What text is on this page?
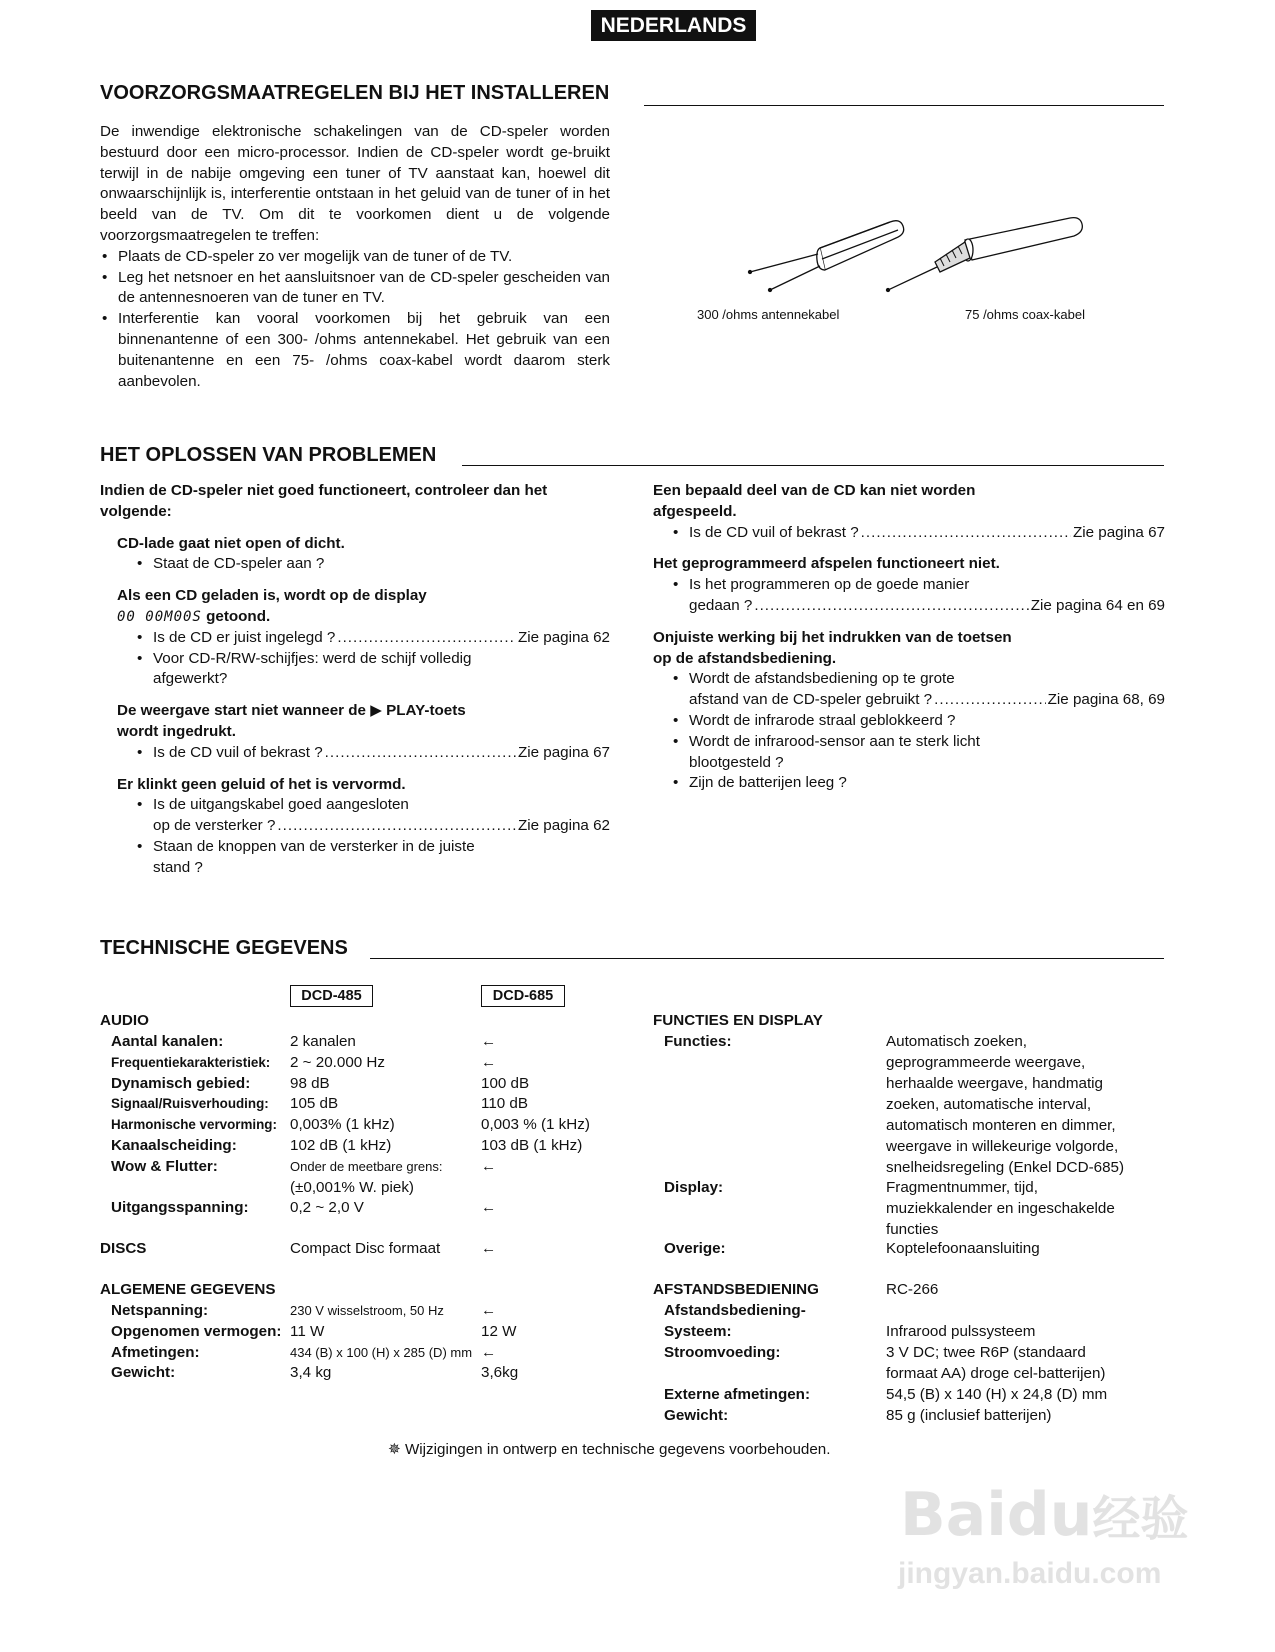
NEDERLANDS
VOORZORGSMAATREGELEN BIJ HET INSTALLEREN
De inwendige elektronische schakelingen van de CD-speler worden bestuurd door een micro-processor. Indien de CD-speler wordt ge-bruikt terwijl in de nabije omgeving een tuner of TV aanstaat kan, hoewel dit onwaarschijnlijk is, interferentie ontstaan in het geluid van de tuner of in het beeld van de TV. Om dit te voorkomen dient u de volgende voorzorgsmaatregelen te treffen:
• Plaats de CD-speler zo ver mogelijk van de tuner of de TV.
• Leg het netsnoer en het aansluitsnoer van de CD-speler gescheiden van de antennesnoeren van de tuner en TV.
• Interferentie kan vooral voorkomen bij het gebruik van een binnenantenne of een 300- /ohms antennekabel. Het gebruik van een buitenantenne en een 75- /ohms coax-kabel wordt daarom sterk aanbevolen.
300 /ohms antennekabel	75 /ohms coax-kabel
HET OPLOSSEN VAN PROBLEMEN
Indien de CD-speler niet goed functioneert, controleer dan het volgende:
CD-lade gaat niet open of dicht.
• Staat de CD-speler aan ?
Als een CD geladen is, wordt op de display
00 00M00S getoond.
• Is de CD er juist ingelegd ? .....	Zie pagina 62
• Voor CD-R/RW-schijfjes: werd de schijf volledig
afgewerkt?
De weergave start niet wanneer de ▶ PLAY-toets
wordt ingedrukt.
• Is de CD vuil of bekrast ? .....	Zie pagina 67
Er klinkt geen geluid of het is vervormd.
• Is de uitgangskabel goed aangesloten
op de versterker ? .....	Zie pagina 62
• Staan de knoppen van de versterker in de juiste
stand ?
Een bepaald deel van de CD kan niet worden
afgespeeld.
• Is de CD vuil of bekrast ? .....	Zie pagina 67
Het geprogrammeerd afspelen functioneert niet.
• Is het programmeren op de goede manier
gedaan ? .....	Zie pagina 64 en 69
Onjuiste werking bij het indrukken van de toetsen
op de afstandsbediening.
• Wordt de afstandsbediening op te grote
afstand van de CD-speler gebruikt ? .....	Zie pagina 68, 69
• Wordt de infrarode straal geblokkeerd ?
• Wordt de infrarood-sensor aan te sterk licht
blootgesteld ?
• Zijn de batterijen leeg ?
TECHNISCHE GEGEVENS
DCD-485	DCD-685
AUDIO
Aantal kanalen:	2 kanalen	←
Frequentiekarakteristiek: 2 ~ 20.000 Hz	←
Dynamisch gebied:	98 dB	100 dB
Signaal/Ruisverhouding: 105 dB	110 dB
Harmonische vervorming: 0,003% (1 kHz)	0,003 % (1 kHz)
Kanaalscheiding:	102 dB (1 kHz)	103 dB (1 kHz)
Wow & Flutter:	Onder de meetbare grens:	←
(±0,001% W. piek)
Uitgangsspanning:	0,2 ~ 2,0 V	←
DISCS	Compact Disc formaat	←
ALGEMENE GEGEVENS
Netspanning:	230 V wisselstroom, 50 Hz ←
Opgenomen vermogen: 11 W	12 W
Afmetingen:	434 (B) x 100 (H) x 285 (D) mm ←
Gewicht:	3,4 kg	3,6kg
FUNCTIES EN DISPLAY
Functies:	Automatisch zoeken,
geprogrammeerde weergave,
herhaalde weergave, handmatig
zoeken, automatische interval,
automatisch monteren en dimmer,
weergave in willekeurige volgorde,
snelheidsregeling (Enkel DCD-685)
Display:	Fragmentnummer, tijd,
muziekkalender en ingeschakelde
functies
Overige:	Koptelefoonaansluiting
AFSTANDSBEDIENING	RC-266
Afstandsbediening-
Systeem:	Infrarood pulssysteem
Stroomvoeding:	3 V DC; twee R6P (standaard
formaat AA) droge cel-batterijen)
Externe afmetingen:	54,5 (B) x 140 (H) x 24,8 (D) mm
Gewicht:	85 g (inclusief batterijen)
✵ Wijzigingen in ontwerp en technische gegevens voorbehouden.
Baidu经验
jingyan.baidu.com
